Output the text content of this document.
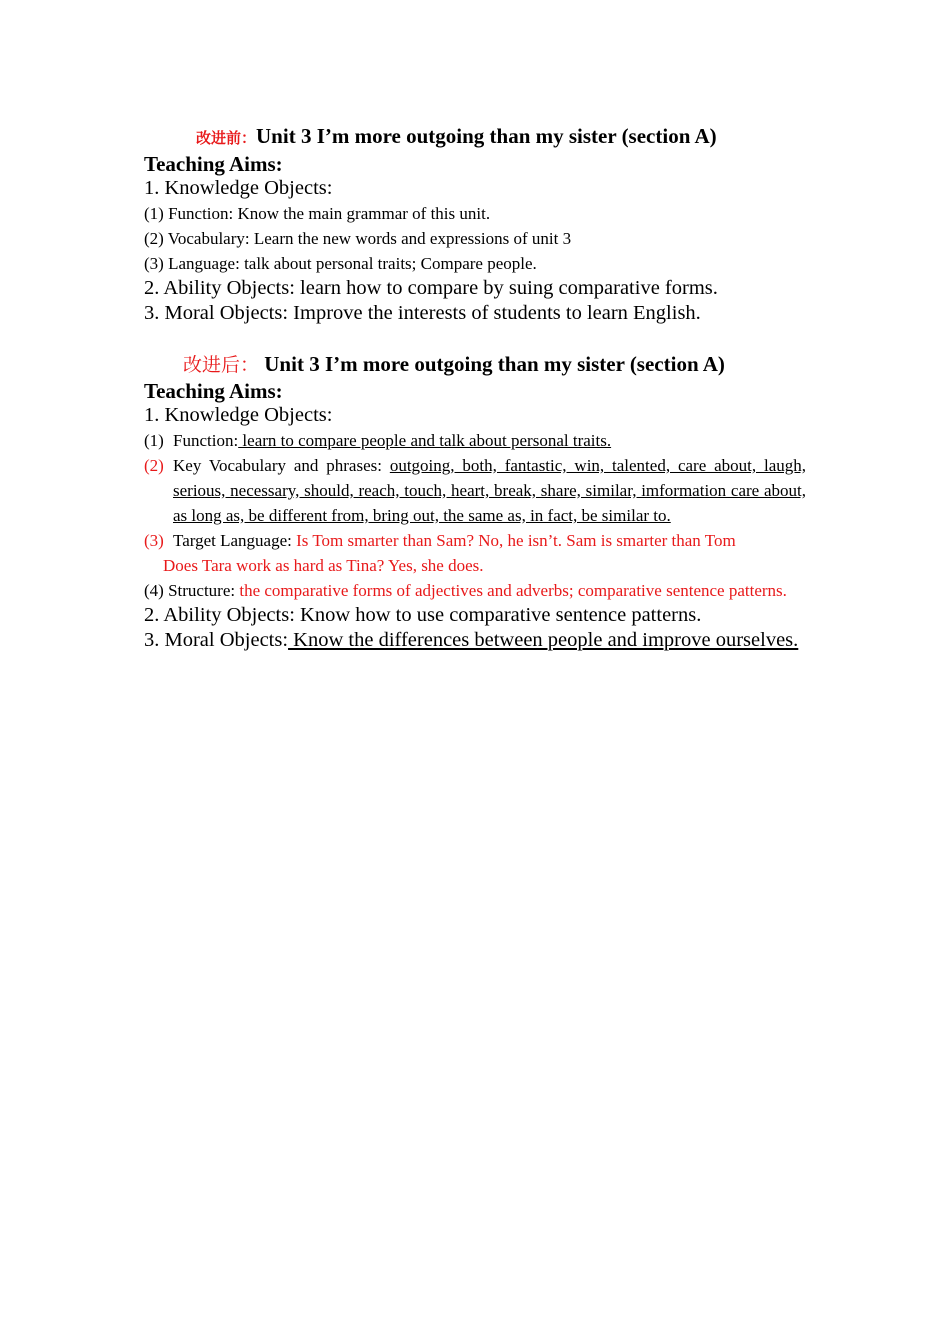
改进前：Unit 3 I’m more outgoing than my sister (section A)
Teaching Aims:
1. Knowledge Objects:
(1) Function: Know the main grammar of this unit.
(2) Vocabulary: Learn the new words and expressions of unit 3
(3) Language: talk about personal traits; Compare people.
2. Ability Objects: learn how to compare by suing comparative forms.
3. Moral Objects: Improve the interests of students to learn English.
改进后： Unit 3 I’m more outgoing than my sister (section A)
Teaching Aims:
1. Knowledge Objects:
(1) Function: learn to compare people and talk about personal traits.
(2) Key Vocabulary and phrases: outgoing, both, fantastic, win, talented, care about, laugh, serious, necessary, should, reach, touch, heart, break, share, similar, imformation care about, as long as, be different from, bring out, the same as, in fact, be similar to.
(3) Target Language: Is Tom smarter than Sam? No, he isn’t. Sam is smarter than Tom
Does Tara work as hard as Tina? Yes, she does.
(4) Structure: the comparative forms of adjectives and adverbs; comparative sentence patterns.
2. Ability Objects: Know how to use comparative sentence patterns.
3. Moral Objects: Know the differences between people and improve ourselves.
